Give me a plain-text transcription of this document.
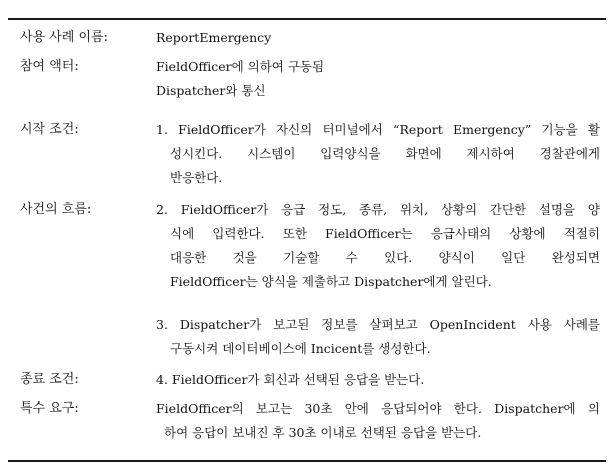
사용 사례 이름:	ReportEmergency
참여 액터:	FieldOfficer에 의하여 구동됨
Dispatcher와 통신
시작 조건:	1. FieldOfficer가 자신의 터미널에서 “Report Emergency” 기능을 활
성시킨다. 시스템이 입력양식을 화면에 제시하여 경찰관에게
반응한다.
사건의 흐름:	2. FieldOfficer가 응급 정도, 종류, 위치, 상황의 간단한 설명을 양
식에 입력한다. 또한 FieldOfficer는 응급사태의 상황에 적절히
대응한 것을 기술할 수 있다. 양식이 일단 완성되면
FieldOfficer는 양식을 제출하고 Dispatcher에게 알린다.
3. Dispatcher가 보고된 정보를 살펴보고 OpenIncident 사용 사례를
구동시켜 데이터베이스에 Incicent를 생성한다.
종료 조건:	4. FieldOfficer가 회신과 선택된 응답을 받는다.
특수 요구:	FieldOfficer의 보고는 30초 안에 응답되어야 한다. Dispatcher에 의
하여 응답이 보내진 후 30초 이내로 선택된 응답을 받는다.
